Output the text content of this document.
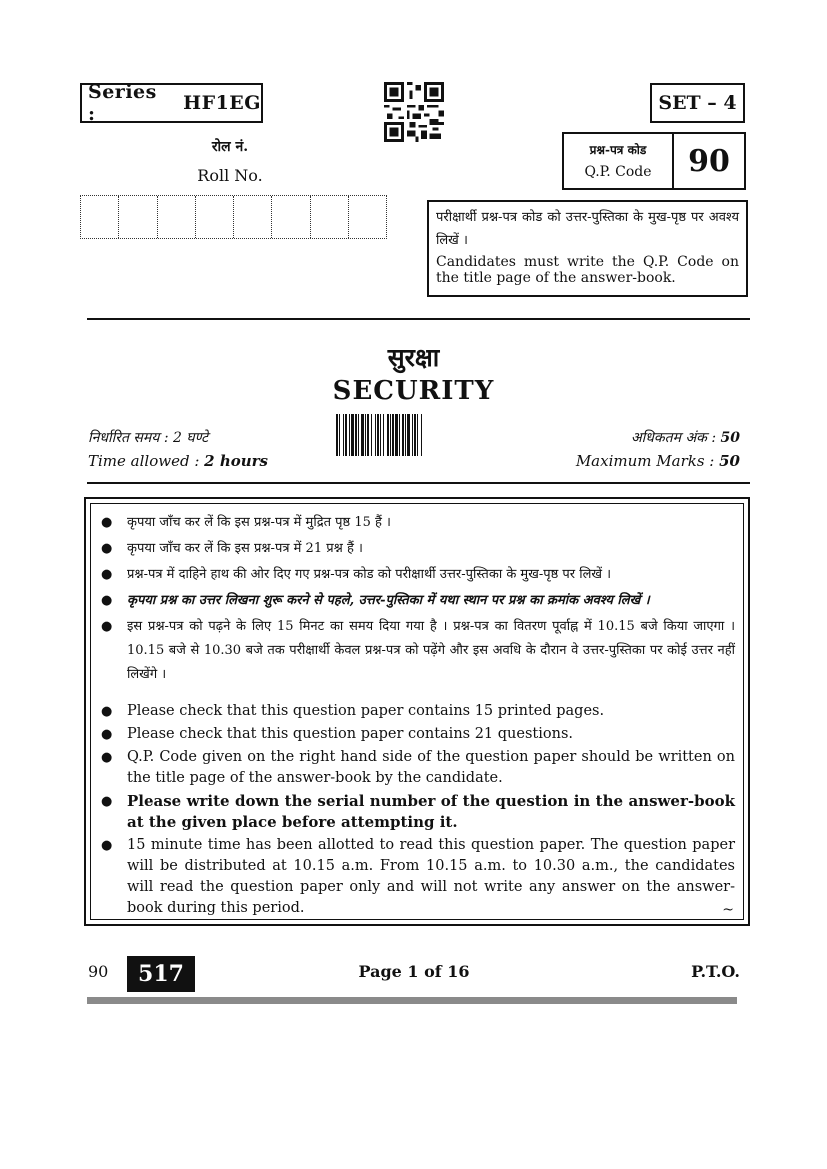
Series :	HF1EG	SET – 4
रोल नं.
Roll No.
प्रश्न-पत्र कोड
Q.P. Code	90

परीक्षार्थी प्रश्न-पत्र कोड को उत्तर-पुस्तिका के मुख-पृष्ठ पर अवश्य लिखें ।

Candidates must write the Q.P. Code on the title page of the answer-book.

सुरक्षा
SECURITY
निर्धारित समय : 2 घण्टे
Time allowed : 2 hours
अधिकतम अंक : 50
Maximum Marks : 50
●	कृपया जाँच कर लें कि इस प्रश्न-पत्र में मुद्रित पृष्ठ 15 हैं ।
●	कृपया जाँच कर लें कि इस प्रश्न-पत्र में 21 प्रश्न हैं ।
●	प्रश्न-पत्र में दाहिने हाथ की ओर दिए गए प्रश्न-पत्र कोड को परीक्षार्थी उत्तर-पुस्तिका के मुख-पृष्ठ पर लिखें ।
●	कृपया प्रश्न का उत्तर लिखना शुरू करने से पहले, उत्तर-पुस्तिका में यथा स्थान पर प्रश्न का क्रमांक अवश्य लिखें ।
●	इस प्रश्न-पत्र को पढ़ने के लिए 15 मिनट का समय दिया गया है । प्रश्न-पत्र का वितरण पूर्वाह्न में 10.15 बजे किया जाएगा । 10.15 बजे से 10.30 बजे तक परीक्षार्थी केवल प्रश्न-पत्र को पढ़ेंगे और इस अवधि के दौरान वे उत्तर-पुस्तिका पर कोई उत्तर नहीं लिखेंगे ।
●	Please check that this question paper contains 15 printed pages.
●	Please check that this question paper contains 21 questions.
●	Q.P. Code given on the right hand side of the question paper should be written on the title page of the answer-book by the candidate.
● Please write down the serial number of the question in the answer-book at the given place before attempting it.
●	15 minute time has been allotted to read this question paper. The question paper will be distributed at 10.15 a.m. From 10.15 a.m. to 10.30 a.m., the candidates will read the question paper only and will not write any answer on the answer-book during this period.	~
90	517	Page 1 of 16	P.T.O.
